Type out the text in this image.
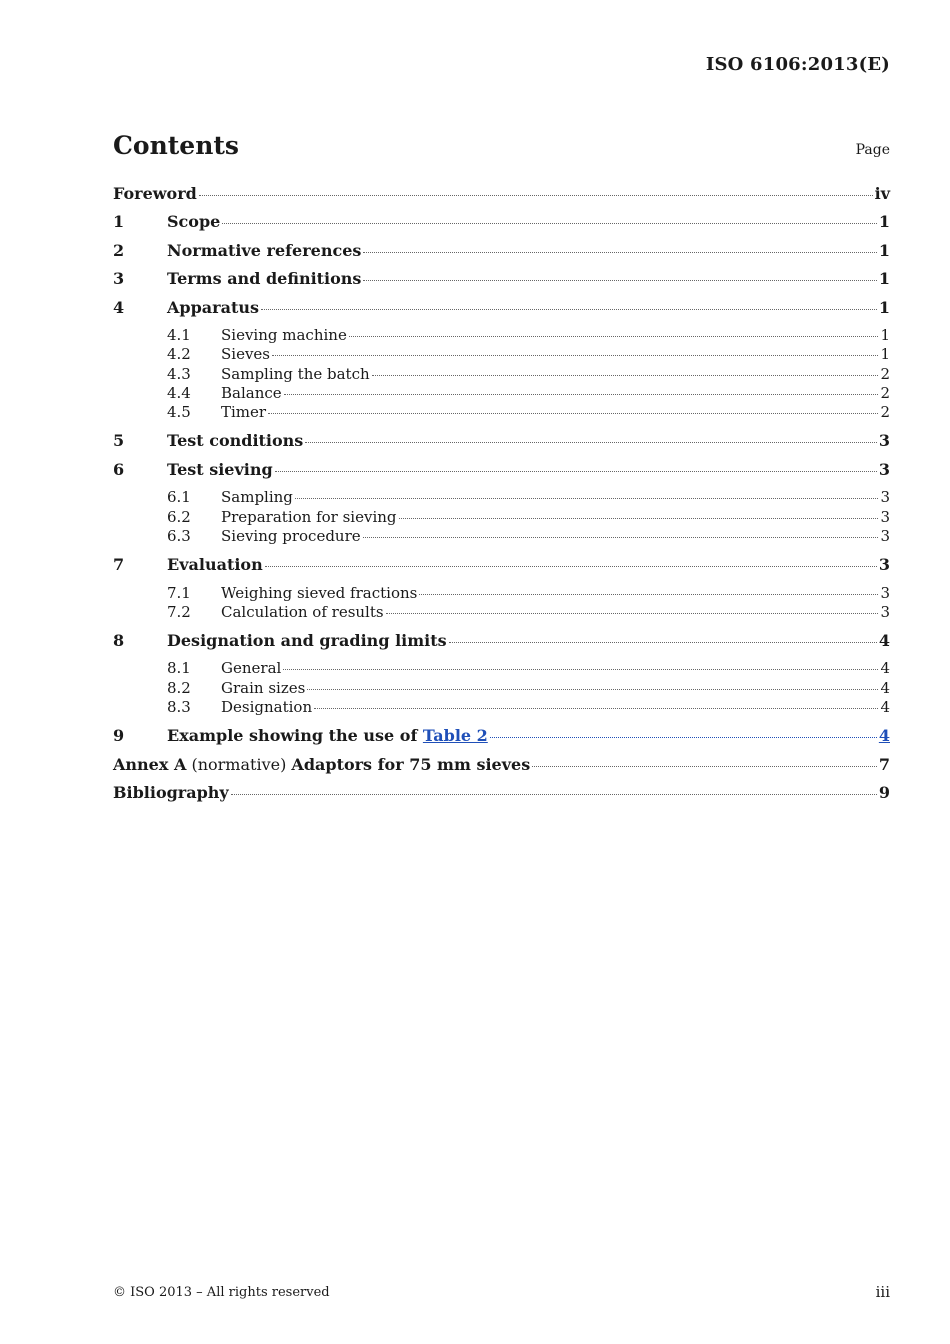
ISO 6106:2013(E)
Contents	Page
Foreword	iv
1	Scope	1
2	Normative references	1
3	Terms and definitions	1
4	Apparatus	1
4.1	Sieving machine	1
4.2	Sieves	1
4.3	Sampling the batch	2
4.4	Balance	2
4.5	Timer	2
5	Test conditions	3
6	Test sieving	3
6.1	Sampling	3
6.2	Preparation for sieving	3
6.3	Sieving procedure	3
7	Evaluation	3
7.1	Weighing sieved fractions	3
7.2	Calculation of results	3
8	Designation and grading limits	4
8.1	General	4
8.2	Grain sizes	4
8.3	Designation	4
9	Example showing the use of Table 2	4
Annex A (normative) Adaptors for 75 mm sieves	7
Bibliography	9
© ISO 2013 – All rights reserved	iii
